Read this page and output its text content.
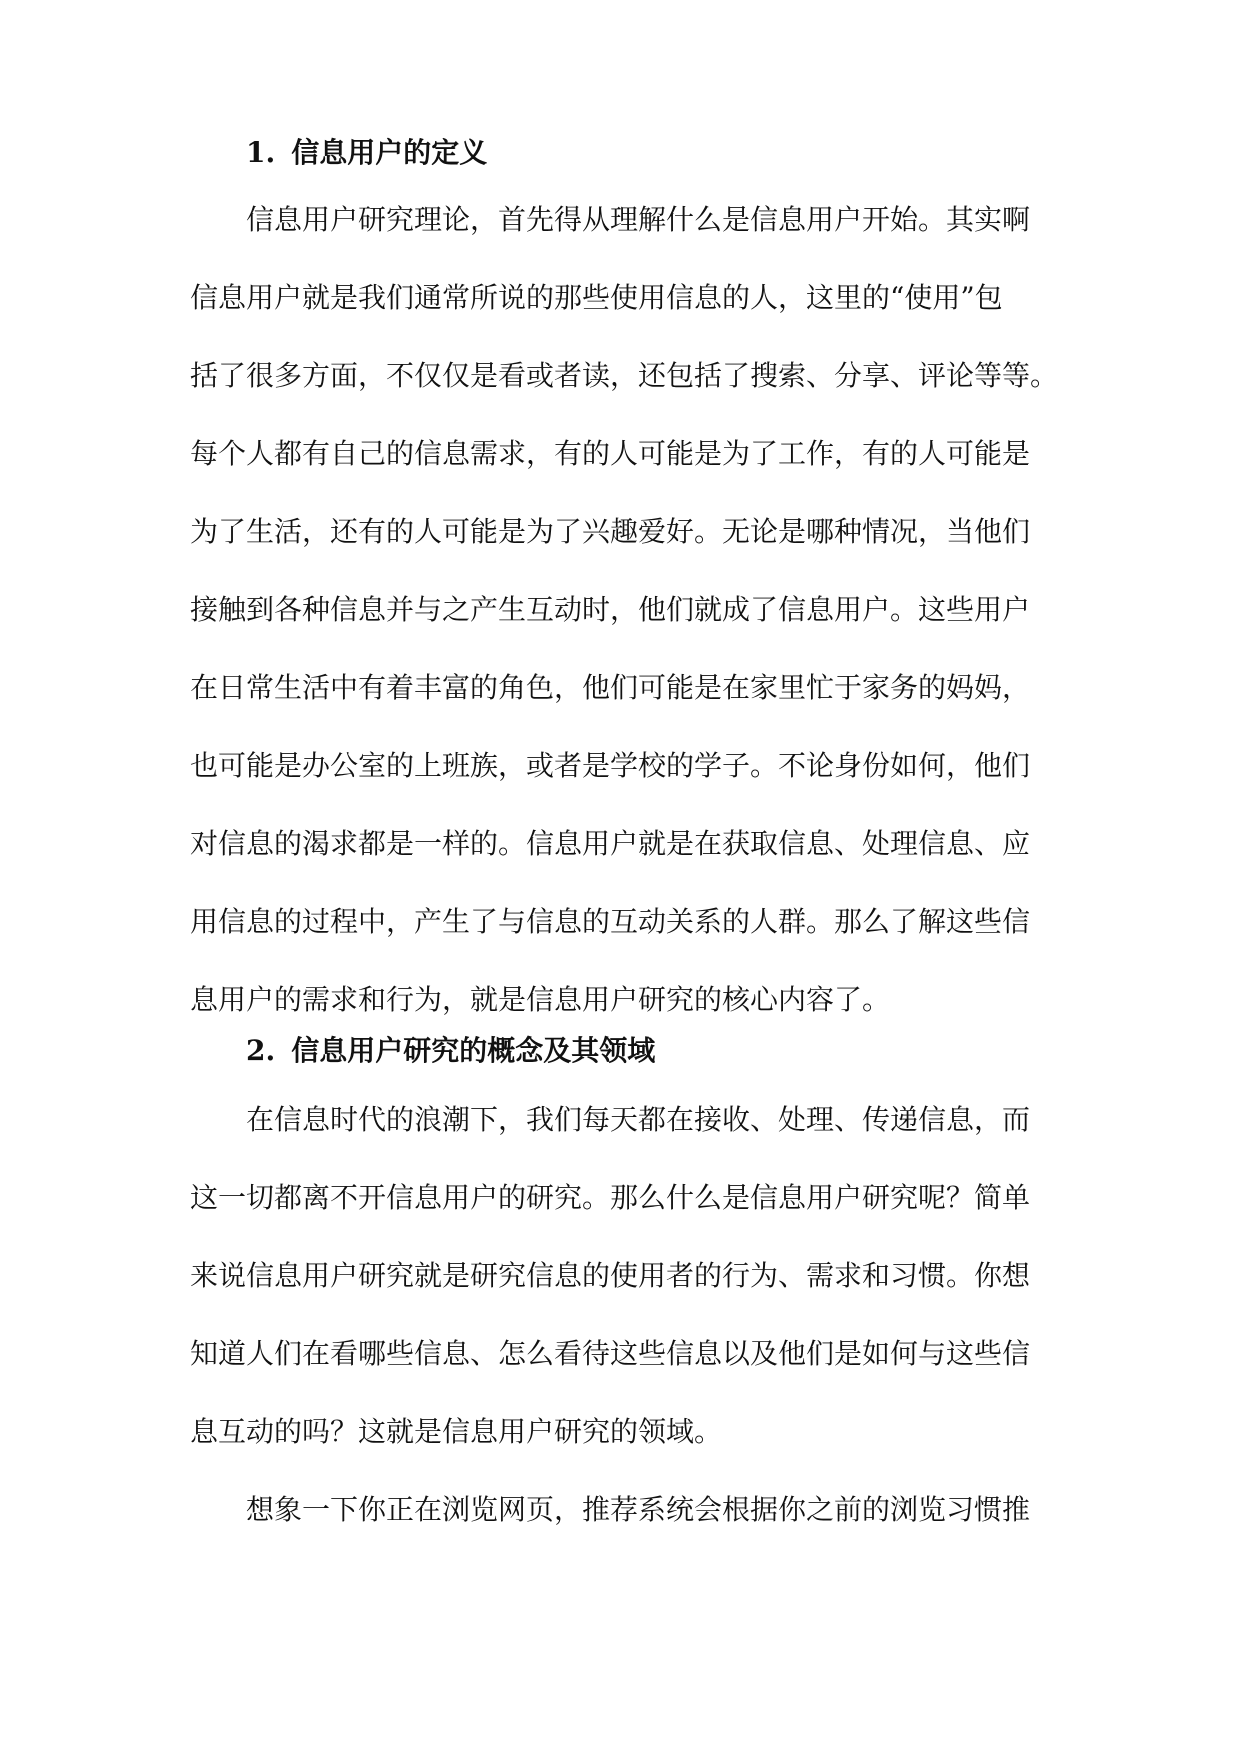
1. 信息用户的定义
信息用户研究理论，首先得从理解什么是信息用户开始。其实啊
信息用户就是我们通常所说的那些使用信息的人，这里的“使用”包
括了很多方面，不仅仅是看或者读，还包括了搜索、分享、评论等等。
每个人都有自己的信息需求，有的人可能是为了工作，有的人可能是
为了生活，还有的人可能是为了兴趣爱好。无论是哪种情况，当他们
接触到各种信息并与之产生互动时，他们就成了信息用户。这些用户
在日常生活中有着丰富的角色，他们可能是在家里忙于家务的妈妈，
也可能是办公室的上班族，或者是学校的学子。不论身份如何，他们
对信息的渴求都是一样的。信息用户就是在获取信息、处理信息、应
用信息的过程中，产生了与信息的互动关系的人群。那么了解这些信
息用户的需求和行为，就是信息用户研究的核心内容了。
2. 信息用户研究的概念及其领域
在信息时代的浪潮下，我们每天都在接收、处理、传递信息，而
这一切都离不开信息用户的研究。那么什么是信息用户研究呢？简单
来说信息用户研究就是研究信息的使用者的行为、需求和习惯。你想
知道人们在看哪些信息、怎么看待这些信息以及他们是如何与这些信
息互动的吗？这就是信息用户研究的领域。
想象一下你正在浏览网页，推荐系统会根据你之前的浏览习惯推
